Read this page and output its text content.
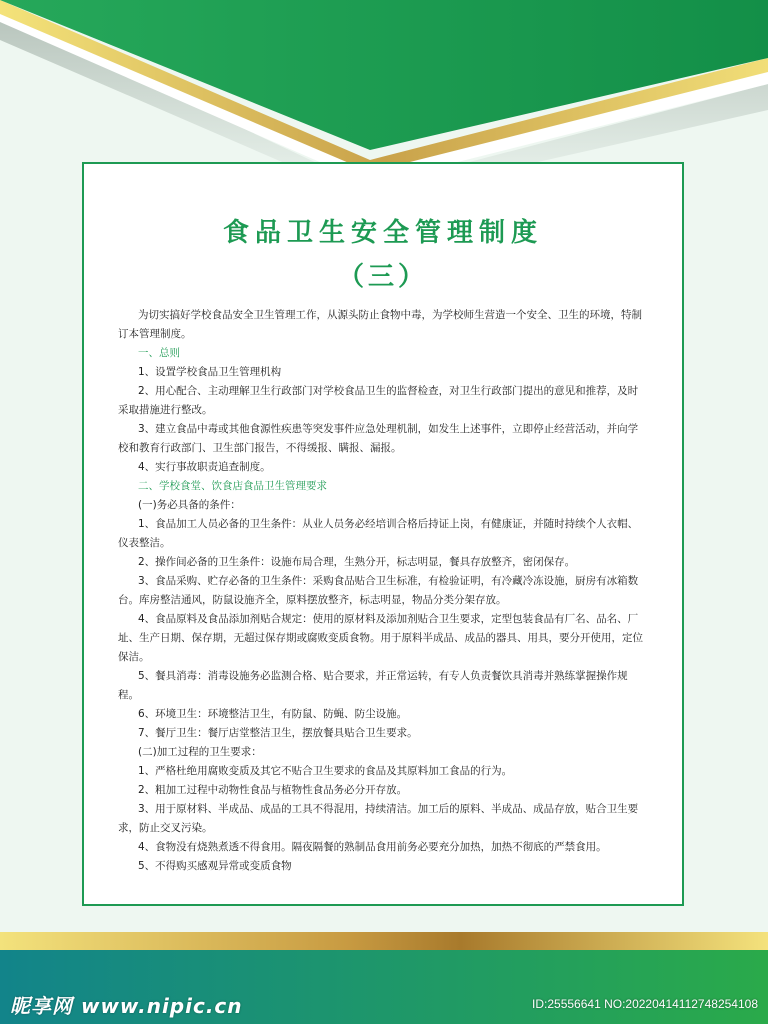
食品卫生安全管理制度
（三）

为切实搞好学校食品安全卫生管理工作，从源头防止食物中毒，为学校师生营造一个安全、卫生的环境，特制订本管理制度。

一、总则

1、设置学校食品卫生管理机构

2、用心配合、主动理解卫生行政部门对学校食品卫生的监督检查，对卫生行政部门提出的意见和推荐，及时采取措施进行整改。

3、建立食品中毒或其他食源性疾患等突发事件应急处理机制，如发生上述事件，立即停止经营活动，并向学校和教育行政部门、卫生部门报告，不得缓报、瞒报、漏报。

4、实行事故职责追查制度。

二、学校食堂、饮食店食品卫生管理要求

(一)务必具备的条件：

1、食品加工人员必备的卫生条件：从业人员务必经培训合格后持证上岗，有健康证，并随时持续个人衣帽、仪表整洁。

2、操作间必备的卫生条件：设施布局合理，生熟分开，标志明显，餐具存放整齐，密闭保存。

3、食品采购、贮存必备的卫生条件：采购食品贴合卫生标准，有检验证明，有冷藏冷冻设施，厨房有冰箱数台。库房整洁通风，防鼠设施齐全，原料摆放整齐，标志明显，物品分类分架存放。

4、食品原料及食品添加剂贴合规定：使用的原材料及添加剂贴合卫生要求，定型包装食品有厂名、品名、厂址、生产日期、保存期，无超过保存期或腐败变质食物。用于原料半成品、成品的器具、用具，要分开使用，定位保洁。

5、餐具消毒：消毒设施务必监测合格、贴合要求，并正常运转，有专人负责餐饮具消毒并熟练掌握操作规程。

6、环境卫生：环境整洁卫生，有防鼠、防蝇、防尘设施。

7、餐厅卫生：餐厅店堂整洁卫生，摆放餐具贴合卫生要求。

(二)加工过程的卫生要求：

1、严格杜绝用腐败变质及其它不贴合卫生要求的食品及其原料加工食品的行为。

2、粗加工过程中动物性食品与植物性食品务必分开存放。

3、用于原材料、半成品、成品的工具不得混用，持续清洁。加工后的原料、半成品、成品存放，贴合卫生要求，防止交叉污染。

4、食物没有烧熟煮透不得食用。隔夜隔餐的熟制品食用前务必要充分加热，加热不彻底的严禁食用。

5、不得购买感观异常或变质食物

昵享网 www.nipic.cn	ID:25556641 NO:20220414112748254108
